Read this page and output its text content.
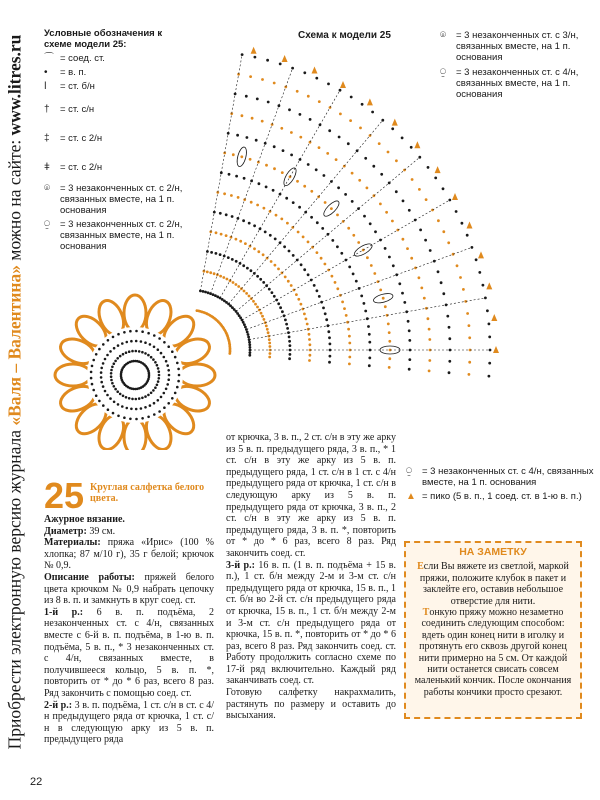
Приобрести электронную версию журнала «Валя – Валентина» можно на сайте: www.litres.ru
Условные обозначения к схеме модели 25:
⌒ = соед. ст.
•	= в. п.
ǀ	= ст. б/н
†	= ст. с/н
‡	= ст. с 2/н
ǂ	= ст. с 2/н
⌾	= 3 незаконченных ст. с 2/н, связанных вместе, на 1 п. основания
⍜	= 3 незаконченных ст. с 2/н, связанных вместе, на 1 п. основания
Схема к модели 25	⌾	= 3 незаконченных ст. с 3/н, связанных вместе, на 1 п. основания
⍜	= 3 незаконченных ст. с 4/н, связанных вместе, на 1 п. основания
⍜	= 3 незаконченных ст. с 4/н, связанных вместе, на 1 п. основания
▲ = пико (5 в. п., 1 соед. ст. в 1-ю в. п.)
25 Круглая салфетка белого цвета.

Ажурное вязание.

Диаметр: 39 см.

Материалы: пряжа «Ирис» (100 % хлопка; 87 м/10 г), 35 г белой; крючок № 0,9.

Описание работы: пряжей белого цвета крючком № 0,9 набрать цепочку из 8 в. п. и замкнуть в круг соед. ст.

1-й р.: 6 в. п. подъёма, 2 незаконченных ст. с 4/н, связанных вместе с 6-й в. п. подъёма, в 1-ю в. п. подъёма, 5 в. п., * 3 незаконченных ст. с 4/н, связанных вместе, в получившееся кольцо, 5 в. п. *, повторить от * до * 6 раз, всего 8 раз. Ряд закончить с помощью соед. ст.

2-й р.: 3 в. п. подъёма, 1 ст. с/н в ст. с 4/н предыдущего ряда от крючка, 1 ст. с/н в следующую арку из 5 в. п. предыдущего ряда

от крючка, 3 в. п., 2 ст. с/н в эту же арку из 5 в. п. предыдущего ряда, 3 в. п., * 1 ст. с/н в эту же арку из 5 в. п. предыдущего ряда, 1 ст. с/н в 1 ст. с 4/н предыдущего ряда от крючка, 1 ст. с/н в следующую арку из 5 в. п. предыдущего ряда от крючка, 3 в. п., 2 ст. с/н в эту же арку из 5 в. п. предыдущего ряда, 3 в. п. *, повторить от * до * 6 раз, всего 8 раз. Ряд закончить соед. ст.

3-й р.: 16 в. п. (1 в. п. подъёма + 15 в. п.), 1 ст. б/н между 2-м и 3-м ст. с/н предыдущего ряда от крючка, 15 в. п., 1 ст. б/н во 2-й ст. с/н предыдущего ряда от крючка, 15 в. п., 1 ст. б/н между 2-м и 3-м ст. с/н предыдущего ряда от крючка, 15 в. п. *, повторить от * до * 6 раз, всего 8 раз. Ряд закончить соед. ст. Работу продолжить согласно схеме по 17-й ряд включительно. Каждый ряд заканчивать соед. ст.

Готовую салфетку накрахмалить, растянуть по размеру и оставить до высыхания.

НА ЗАМЕТКУ

Если Вы вяжете из светлой, маркой пряжи, положите клубок в пакет и заклейте его, оставив небольшое отверстие для нити.

Тонкую пряжу можно незаметно соединить следующим способом: вдеть один конец нити в иголку и протянуть его сквозь другой конец нити примерно на 5 см. От каждой нити останется свисать совсем маленький кончик. После окончания работы кончики просто срезают.

22
